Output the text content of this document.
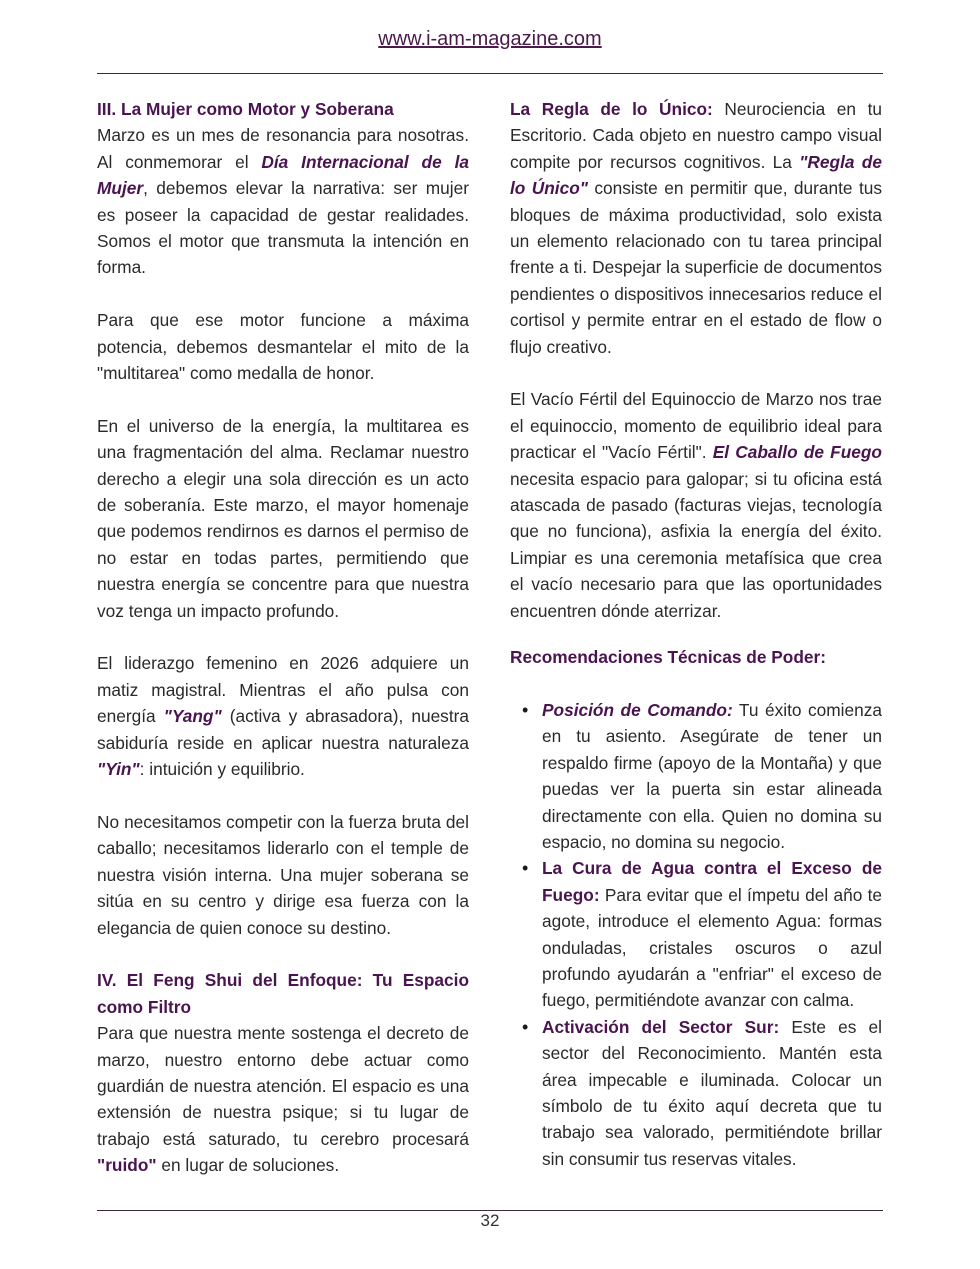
www.i-am-magazine.com

III. La Mujer como Motor y Soberana
Marzo es un mes de resonancia para nosotras. Al conmemorar el Día Internacional de la Mujer, debemos elevar la narrativa: ser mujer es poseer la capacidad de gestar realidades. Somos el motor que transmuta la intención en forma.

Para que ese motor funcione a máxima potencia, debemos desmantelar el mito de la "multitarea" como medalla de honor.

En el universo de la energía, la multitarea es una fragmentación del alma. Reclamar nuestro derecho a elegir una sola dirección es un acto de soberanía. Este marzo, el mayor homenaje que podemos rendirnos es darnos el permiso de no estar en todas partes, permitiendo que nuestra energía se concentre para que nuestra voz tenga un impacto profundo.

El liderazgo femenino en 2026 adquiere un matiz magistral. Mientras el año pulsa con energía "Yang" (activa y abrasadora), nuestra sabiduría reside en aplicar nuestra naturaleza "Yin": intuición y equilibrio.

No necesitamos competir con la fuerza bruta del caballo; necesitamos liderarlo con el temple de nuestra visión interna. Una mujer soberana se sitúa en su centro y dirige esa fuerza con la elegancia de quien conoce su destino.

IV. El Feng Shui del Enfoque: Tu Espacio como Filtro
Para que nuestra mente sostenga el decreto de marzo, nuestro entorno debe actuar como guardián de nuestra atención. El espacio es una extensión de nuestra psique; si tu lugar de trabajo está saturado, tu cerebro procesará "ruido" en lugar de soluciones.

La Regla de lo Único: Neurociencia en tu Escritorio. Cada objeto en nuestro campo visual compite por recursos cognitivos. La "Regla de lo Único" consiste en permitir que, durante tus bloques de máxima productividad, solo exista un elemento relacionado con tu tarea principal frente a ti. Despejar la superficie de documentos pendientes o dispositivos innecesarios reduce el cortisol y permite entrar en el estado de flow o flujo creativo.

El Vacío Fértil del Equinoccio de Marzo nos trae el equinoccio, momento de equilibrio ideal para practicar el "Vacío Fértil". El Caballo de Fuego necesita espacio para galopar; si tu oficina está atascada de pasado (facturas viejas, tecnología que no funciona), asfixia la energía del éxito. Limpiar es una ceremonia metafísica que crea el vacío necesario para que las oportunidades encuentren dónde aterrizar.

Recomendaciones Técnicas de Poder:

• Posición de Comando: Tu éxito comienza en tu asiento. Asegúrate de tener un respaldo firme (apoyo de la Montaña) y que puedas ver la puerta sin estar alineada directamente con ella. Quien no domina su espacio, no domina su negocio.
• La Cura de Agua contra el Exceso de Fuego: Para evitar que el ímpetu del año te agote, introduce el elemento Agua: formas onduladas, cristales oscuros o azul profundo ayudarán a "enfriar" el exceso de fuego, permitiéndote avanzar con calma.
• Activación del Sector Sur: Este es el sector del Reconocimiento. Mantén esta área impecable e iluminada. Colocar un símbolo de tu éxito aquí decreta que tu trabajo sea valorado, permitiéndote brillar sin consumir tus reservas vitales.
32
